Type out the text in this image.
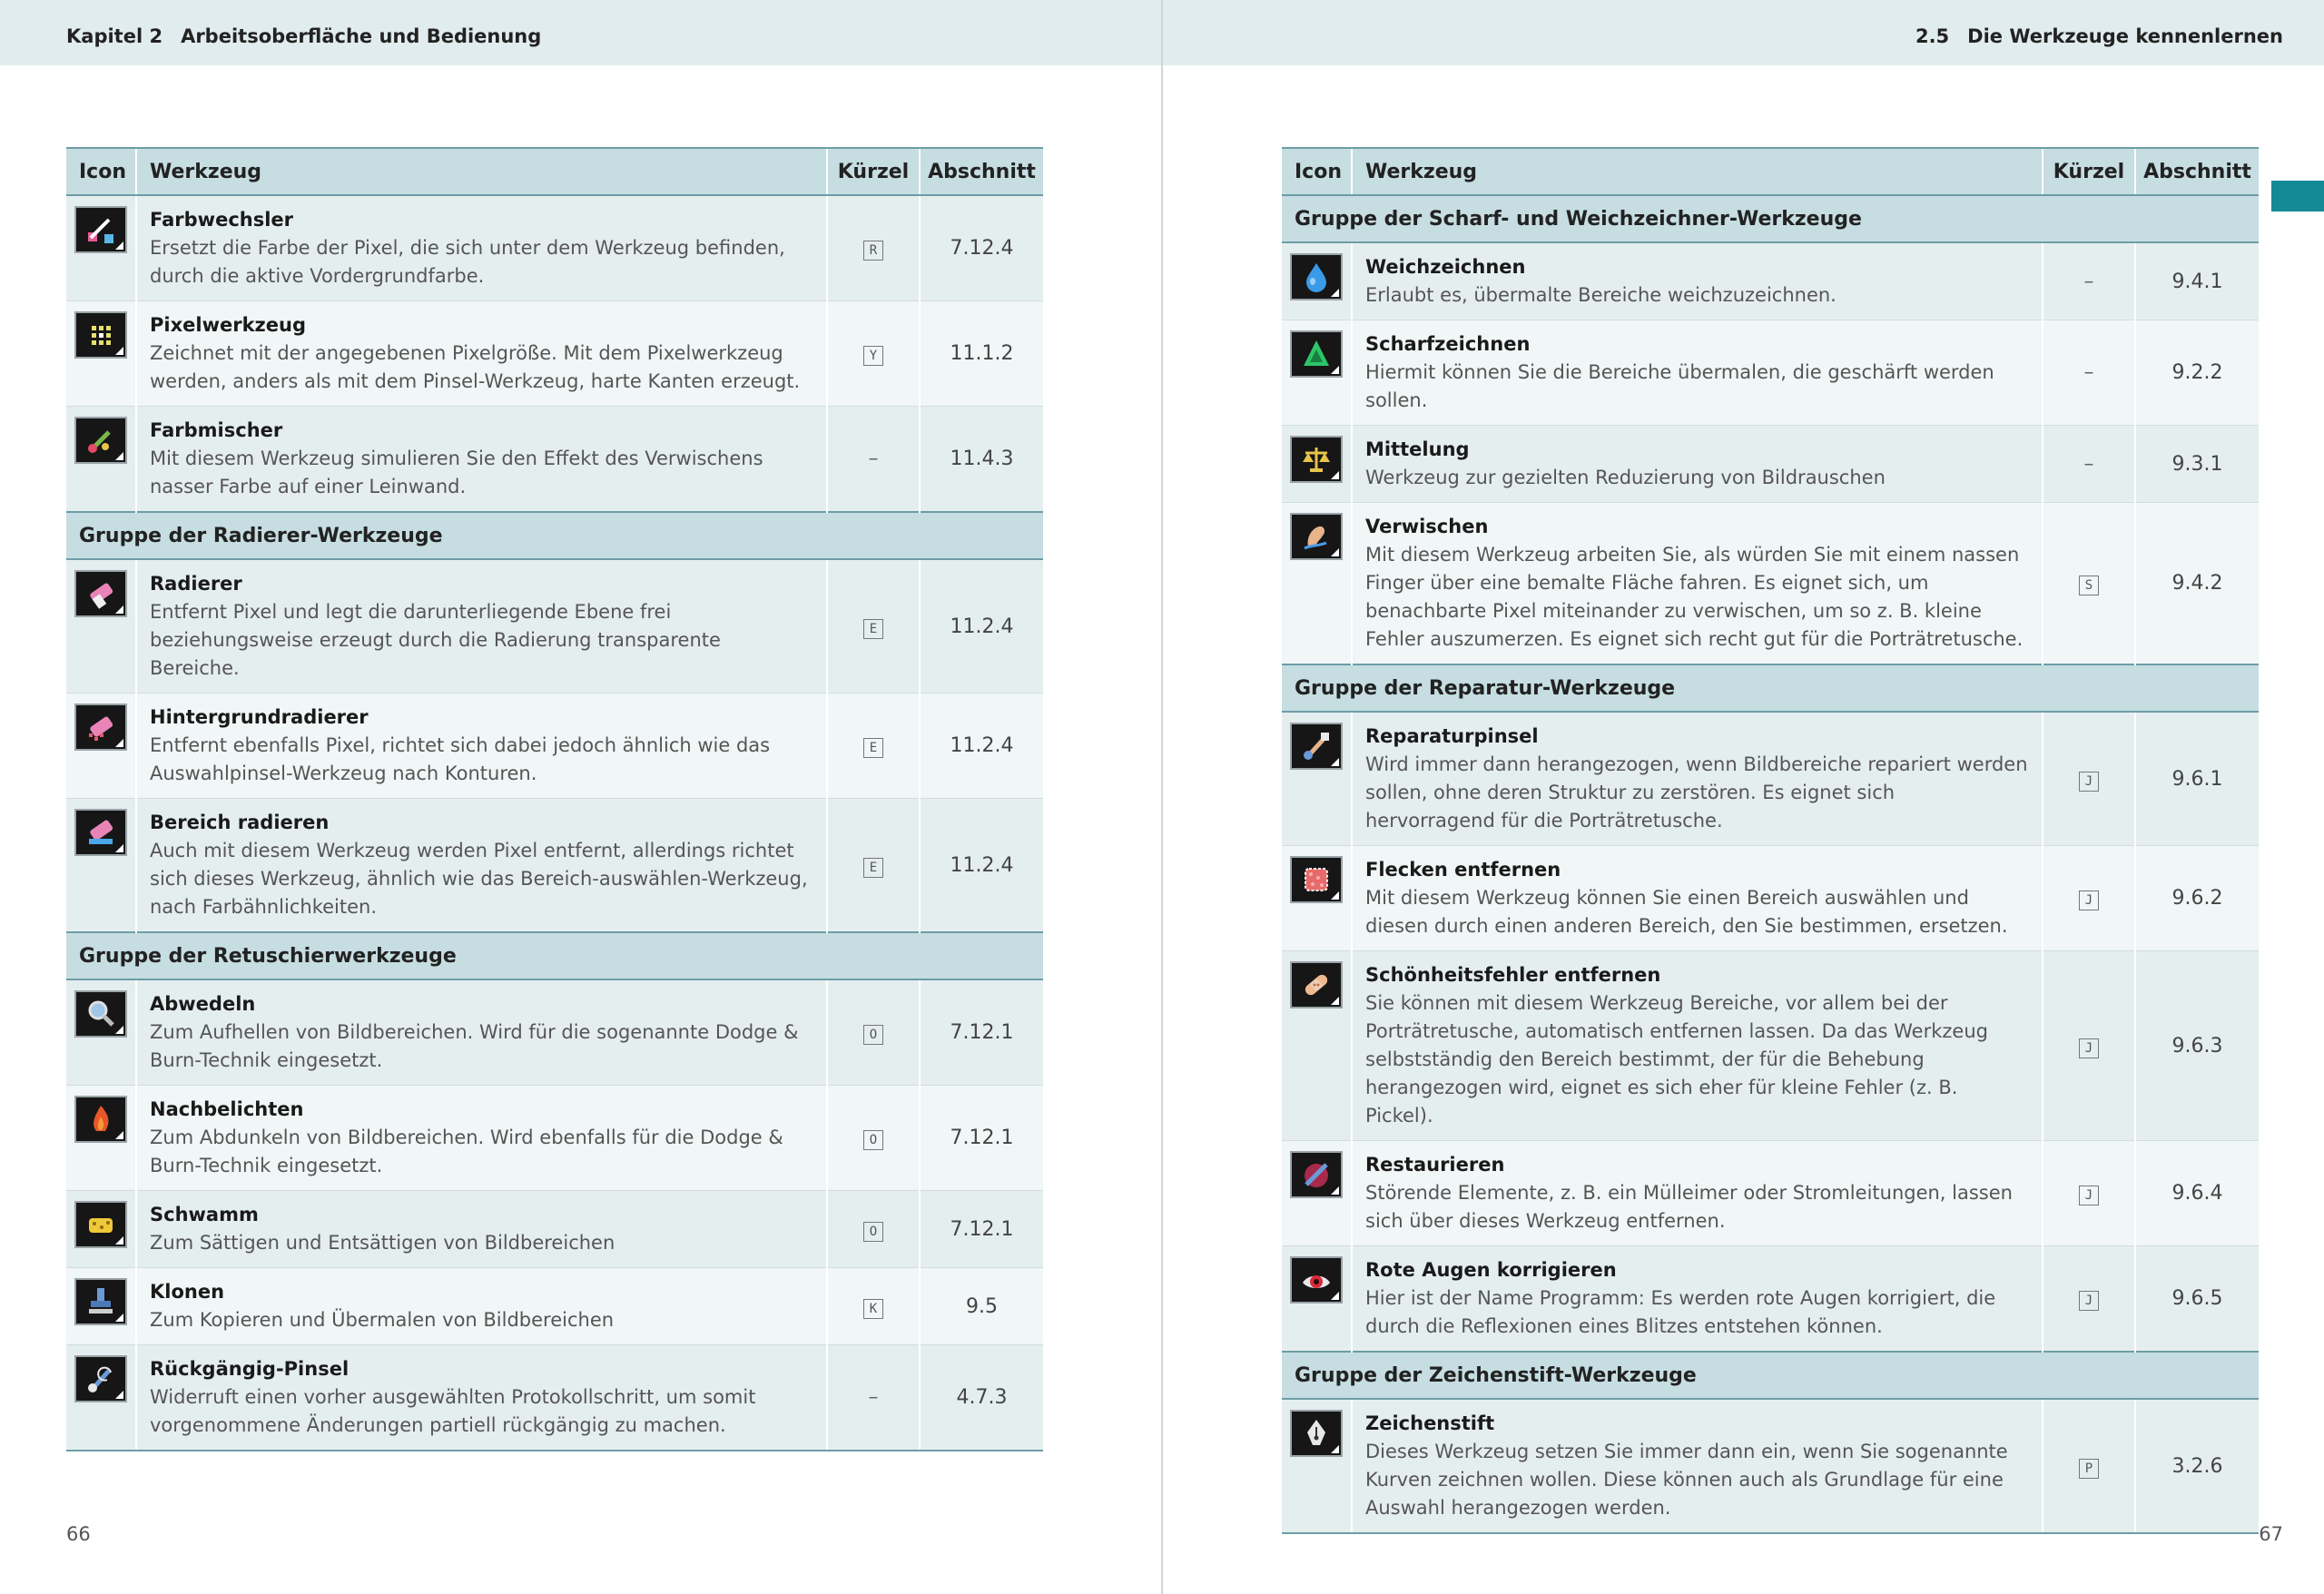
Kapitel 2 Arbeitsoberfläche und Bedienung
Icon	Werkzeug	Kürzel	Abschnitt

Farbwechsler
Ersetzt die Farbe der Pixel, die sich unter dem Werkzeug befinden, durch die aktive Vordergrundfarbe.	R	7.12.4

Pixelwerkzeug
Zeichnet mit der angegebenen Pixelgröße. Mit dem Pixelwerkzeug werden, anders als mit dem Pinsel-Werkzeug, harte Kanten erzeugt.	Y	11.1.2

Farbmischer
Mit diesem Werkzeug simulieren Sie den Effekt des Verwischens nasser Farbe auf einer Leinwand.	–	11.4.3
Gruppe der Radierer-Werkzeuge			

Radierer
Entfernt Pixel und legt die darunterliegende Ebene frei beziehungsweise erzeugt durch die Radierung transparente Bereiche.	E	11.2.4

Hintergrundradierer
Entfernt ebenfalls Pixel, richtet sich dabei jedoch ähnlich wie das Auswahlpinsel-Werkzeug nach Konturen.	E	11.2.4

Bereich radieren
Auch mit diesem Werkzeug werden Pixel entfernt, allerdings richtet sich dieses Werkzeug, ähnlich wie das Bereich-auswählen-Werkzeug, nach Farbähnlichkeiten.	E	11.2.4
Gruppe der Retuschierwerkzeuge			

Abwedeln
Zum Aufhellen von Bildbereichen. Wird für die sogenannte Dodge & Burn-Technik eingesetzt.	O	7.12.1

Nachbelichten
Zum Abdunkeln von Bildbereichen. Wird ebenfalls für die Dodge & Burn-Technik eingesetzt.	O	7.12.1

Schwamm
Zum Sättigen und Entsättigen von Bildbereichen	O	7.12.1

Klonen
Zum Kopieren und Übermalen von Bildbereichen	K	9.5

Rückgängig-Pinsel
Widerruft einen vorher ausgewählten Protokollschritt, um somit vorgenommene Änderungen partiell rückgängig zu machen.	–	4.7.3
66
2.5 Die Werkzeuge kennenlernen
Icon	Werkzeug	Kürzel	Abschnitt
Gruppe der Scharf- und Weichzeichner-Werkzeuge			

Weichzeichnen
Erlaubt es, übermalte Bereiche weichzuzeichnen.	–	9.4.1

Scharfzeichnen
Hiermit können Sie die Bereiche übermalen, die geschärft werden sollen.	–	9.2.2

Mittelung
Werkzeug zur gezielten Reduzierung von Bildrauschen	–	9.3.1

Verwischen
Mit diesem Werkzeug arbeiten Sie, als würden Sie mit einem nassen Finger über eine bemalte Fläche fahren. Es eignet sich, um benachbarte Pixel miteinander zu verwischen, um so z. B. kleine Fehler auszumerzen. Es eignet sich recht gut für die Porträtretusche.	S	9.4.2
Gruppe der Reparatur-Werkzeuge			

Reparaturpinsel
Wird immer dann herangezogen, wenn Bildbereiche repariert werden sollen, ohne deren Struktur zu zerstören. Es eignet sich hervorragend für die Porträtretusche.	J	9.6.1

Flecken entfernen
Mit diesem Werkzeug können Sie einen Bereich auswählen und diesen durch einen anderen Bereich, den Sie bestimmen, ersetzen.	J	9.6.2

Schönheitsfehler entfernen
Sie können mit diesem Werkzeug Bereiche, vor allem bei der Porträtretusche, automatisch entfernen lassen. Da das Werkzeug selbstständig den Bereich bestimmt, der für die Behebung herangezogen wird, eignet es sich eher für kleine Fehler (z. B. Pickel).	J	9.6.3

Restaurieren
Störende Elemente, z. B. ein Mülleimer oder Stromleitungen, lassen sich über dieses Werkzeug entfernen.	J	9.6.4

Rote Augen korrigieren
Hier ist der Name Programm: Es werden rote Augen korrigiert, die durch die Reflexionen eines Blitzes entstehen können.	J	9.6.5
Gruppe der Zeichenstift-Werkzeuge			

Zeichenstift
Dieses Werkzeug setzen Sie immer dann ein, wenn Sie sogenannte Kurven zeichnen wollen. Diese können auch als Grundlage für eine Auswahl herangezogen werden.	P	3.2.6
67
